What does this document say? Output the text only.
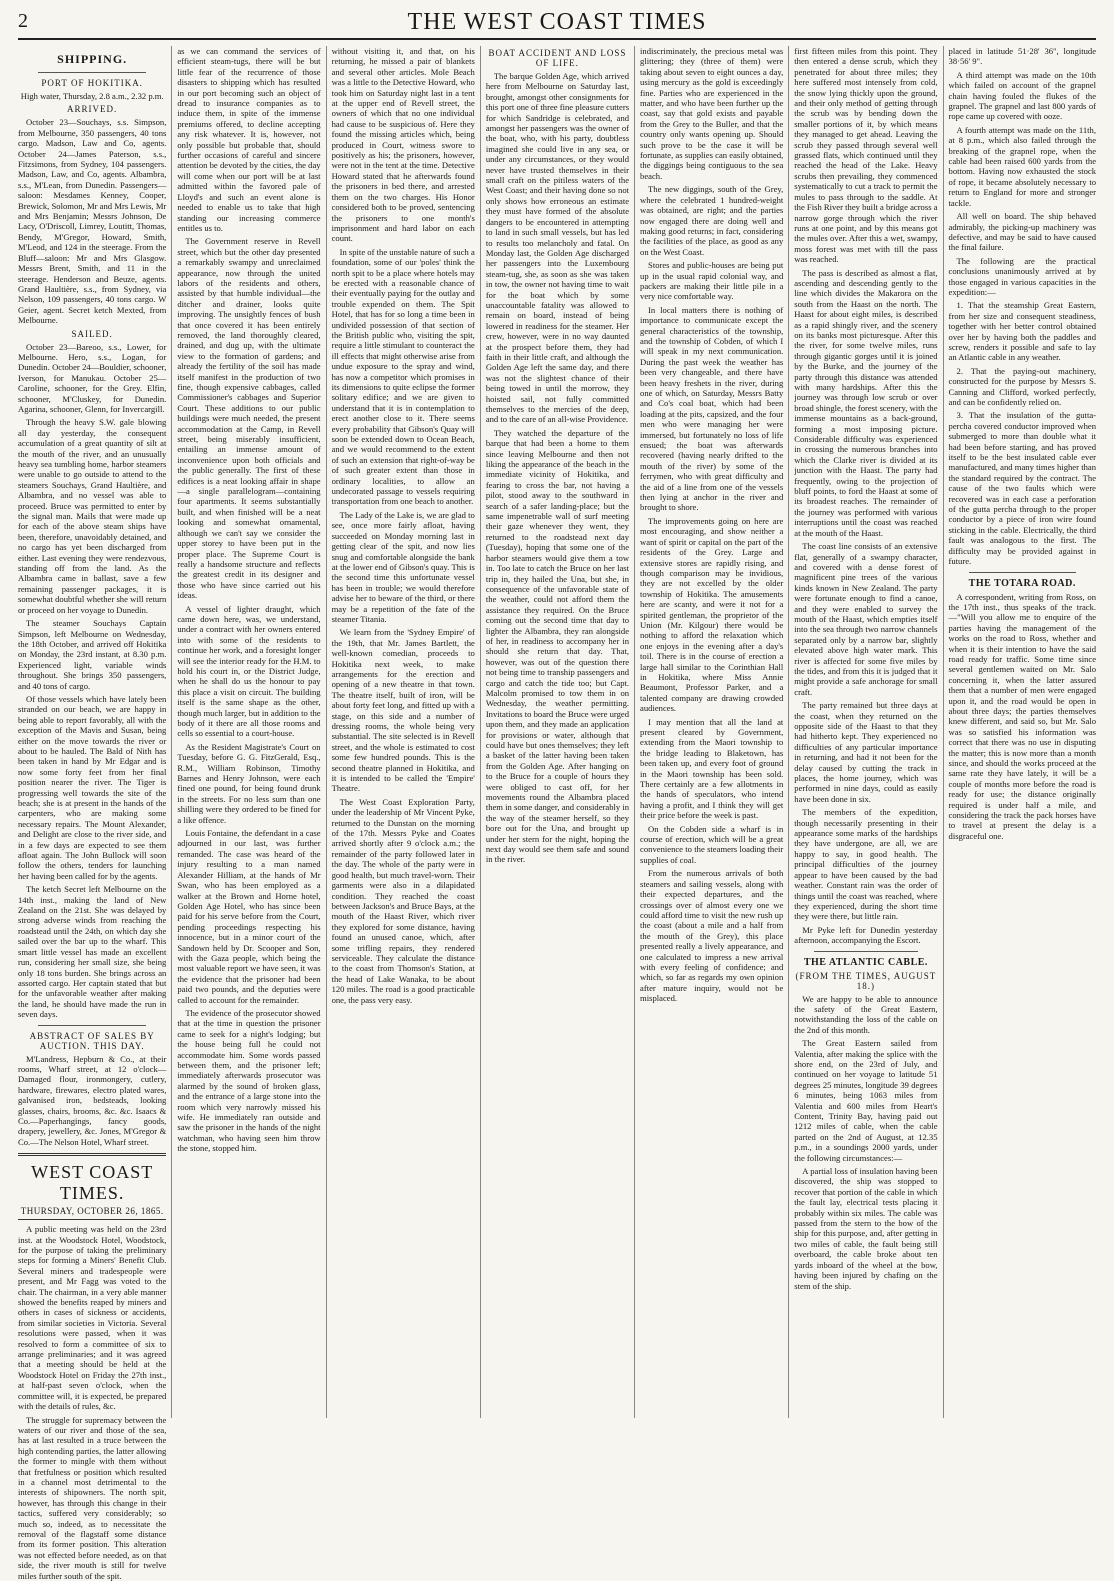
2	THE WEST COAST TIMES
SHIPPING.
PORT OF HOKITIKA.

High water, Thursday, 2.8 a.m., 2.32 p.m.

ARRIVED.

October 23—Souchays, s.s. Simpson, from Melbourne, 350 passengers, 40 tons cargo. Madson, Law and Co, agents. October 24—James Paterson, s.s., Fitzsimons, from Sydney, 104 passengers. Madson, Law, and Co, agents. Albambra, s.s., M'Lean, from Dunedin. Passengers—saloon: Mesdames Kenney, Cooper, Brewick, Solomon, Mr and Mrs Lewis, Mr and Mrs Benjamin; Messrs Johnson, De Lacy, O'Driscoll, Limrey, Loutitt, Thomas, Bendy, M'Gregor, Howard, Smith, M'Leod, and 124 in the steerage. From the Bluff—saloon: Mr and Mrs Glasgow. Messrs Brent, Smith, and 11 in the steerage. Henderson and Beuze, agents. Grand Haultière, s.s., from Sydney, via Nelson, 109 passengers, 40 tons cargo. W Geier, agent. Secret ketch Mexted, from Melbourne.

SAILED.

October 23—Bareoo, s.s., Lower, for Melbourne. Hero, s.s., Logan, for Dunedin. October 24—Bouldier, schooner, Iverson, for Manukau. October 25—Caroline, schooner, for the Grey. Elfin, schooner, M'Cluskey, for Dunedin. Agarina, schooner, Glenn, for Invercargill.

Through the heavy S.W. gale blowing all day yesterday, the consequent accumulation of a great quantity of silt at the mouth of the river, and an unusually heavy sea tumbling home, harbor steamers were unable to go outside to attend to the steamers Souchays, Grand Haultière, and Albambra, and no vessel was able to proceed. Bruce was permitted to enter by the signal man. Mails that were made up for each of the above steam ships have been, therefore, unavoidably detained, and no cargo has yet been discharged from either. Last evening they were rendezvous, standing off from the land. As the Albambra came in ballast, save a few remaining passenger packages, it is somewhat doubtful whether she will return or proceed on her voyage to Dunedin.

The steamer Souchays Captain Simpson, left Melbourne on Wednesday, the 18th October, and arrived off Hokitika on Monday, the 23rd instant, at 8.30 p.m. Experienced light, variable winds throughout. She brings 350 passengers, and 40 tons of cargo.

Of those vessels which have lately been stranded on our beach, we are happy in being able to report favorably, all with the exception of the Mavis and Susan, being either on the move towards the river or about to be hauled. The Bald of Nith has been taken in hand by Mr Edgar and is now some forty feet from her final position nearer the river. The Tiger is progressing well towards the site of the beach; she is at present in the hands of the carpenters, who are making some necessary repairs. The Mount Alexander, and Delight are close to the river side, and in a few days are expected to see them afloat again. The John Bullock will soon follow the others, tenders for launching her having been called for by the agents.

The ketch Secret left Melbourne on the 14th inst., making the land of New Zealand on the 21st. She was delayed by strong adverse winds from reaching the roadstead until the 24th, on which day she sailed over the bar up to the wharf. This smart little vessel has made an excellent run, considering her small size, she being only 18 tons burden. She brings across an assorted cargo. Her captain stated that but for the unfavorable weather after making the land, he should have made the run in seven days.

ABSTRACT OF SALES BY AUCTION. THIS DAY.

M'Landress, Hepburn & Co., at their rooms, Wharf street, at 12 o'clock—Damaged flour, ironmongery, cutlery, hardware, firewares, electro plated wares, galvanised iron, bedsteads, looking glasses, chairs, brooms, &c. &c. Isaacs & Co.—Paperhangings, fancy goods, drapery, jewellery, &c. Jones, M'Gregor & Co.—The Nelson Hotel, Wharf street.

WEST COAST TIMES.
THURSDAY, OCTOBER 26, 1865.

A public meeting was held on the 23rd inst. at the Woodstock Hotel, Woodstock, for the purpose of taking the preliminary steps for forming a Miners' Benefit Club. Several miners and tradespeople were present, and Mr Fagg was voted to the chair. The chairman, in a very able manner showed the benefits reaped by miners and others in cases of sickness or accidents, from similar societies in Victoria. Several resolutions were passed, when it was resolved to form a committee of six to arrange preliminaries; and it was agreed that a meeting should be held at the Woodstock Hotel on Friday the 27th inst., at half-past seven o'clock, when the committee will, it is expected, be prepared with the details of rules, &c.

The struggle for supremacy between the waters of our river and those of the sea, has at last resulted in a truce between the high contending parties, the latter allowing the former to mingle with them without that fretfulness or position which resulted in a channel most detrimental to the interests of shipowners. The north spit, however, has through this change in their tactics, suffered very considerably; so much so, indeed, as to necessitate the removal of the flagstaff some distance from its former position. This alteration was not effected before needed, as on that side, the river mouth is still for twelve miles further south of the spit.

as we can command the services of efficient steam-tugs, there will be but little fear of the recurrence of those disasters to shipping which has resulted in our port becoming such an object of dread to insurance companies as to induce them, in spite of the immense premiums offered, to decline accepting any risk whatever. It is, however, not only possible but probable that, should further occasions of careful and sincere attention be devoted by the cities, the day will come when our port will be at last admitted within the favored pale of Lloyd's and such an event alone is needed to enable us to take that high standing our increasing commerce entitles us to.

The Government reserve in Revell street, which but the other day presented a remarkably swampy and unreclaimed appearance, now through the united labors of the residents and others, assisted by that humble individual—the ditcher and drainer, looks quite improving. The unsightly fences of bush that once covered it has been entirely removed, the land thoroughly cleared, drained, and dug up, with the ultimate view to the formation of gardens; and already the fertility of the soil has made itself manifest in the production of two fine, though expensive cabbages, called Commissioner's cabbages and Superior Court. These additions to our public buildings were much needed, the present accommodation at the Camp, in Revell street, being miserably insufficient, entailing an immense amount of inconvenience upon both officials and the public generally. The first of these edifices is a neat looking affair in shape—a single parallelogram—containing four apartments. It seems substantially built, and when finished will be a neat looking and somewhat ornamental, although we can't say we consider the upper storey to have been put in the proper place. The Supreme Court is really a handsome structure and reflects the greatest credit in its designer and those who have since carried out his ideas.

A vessel of lighter draught, which came down here, was, we understand, under a contract with her owners entered into with some of the residents to continue her work, and a foresight longer will see the interior ready for the H.M. to hold his court in, or the District Judge, when he shall do us the honour to pay this place a visit on circuit. The building itself is the same shape as the other, though much larger, but in addition to the body of it there are all those rooms and cells so essential to a court-house.

As the Resident Magistrate's Court on Tuesday, before G. G. FitzGerald, Esq., R.M., William Robinson, Timothy Barnes and Henry Johnson, were each fined one pound, for being found drunk in the streets. For no less sum than one shilling were they ordered to be fined for a like offence.

Louis Fontaine, the defendant in a case adjourned in our last, was further remanded. The case was heard of the injury resulting to a man named Alexander Hilliam, at the hands of Mr Swan, who has been employed as a walker at the Brown and Horne hotel, Golden Age Hotel, who has since been paid for his serve before from the Court, pending proceedings respecting his innocence, but in a minor court of the Sandown held by Dr. Scooper and Son, with the Gaza people, which being the most valuable report we have seen, it was the evidence that the prisoner had been paid two pounds, and the deputies were called to account for the remainder.

The evidence of the prosecutor showed that at the time in question the prisoner came to seek for a night's lodging; but the house being full he could not accommodate him. Some words passed between them, and the prisoner left; immediately afterwards prosecutor was alarmed by the sound of broken glass, and the entrance of a large stone into the room which very narrowly missed his wife. He immediately ran outside and saw the prisoner in the hands of the night watchman, who having seen him throw the stone, stopped him.

without visiting it, and that, on his returning, he missed a pair of blankets and several other articles. Mole Beach was a little to the Detective Howard, who took him on Saturday night last in a tent at the upper end of Revell street, the owners of which that no one individual had cause to be suspicious of. Here they found the missing articles which, being produced in Court, witness swore to positively as his; the prisoners, however, were not in the tent at the time. Detective Howard stated that he afterwards found the prisoners in bed there, and arrested them on the two charges. His Honor considered both to be proved, sentencing the prisoners to one month's imprisonment and hard labor on each count.

In spite of the unstable nature of such a foundation, some of our 'poles' think the north spit to be a place where hotels may be erected with a reasonable chance of their eventually paying for the outlay and trouble expended on them. The Spit Hotel, that has for so long a time been in undivided possession of that section of the British public who, visiting the spit, require a little stimulant to counteract the ill effects that might otherwise arise from undue exposure to the spray and wind, has now a competitor which promises in its dimensions to quite eclipse the former solitary edifice; and we are given to understand that it is in contemplation to erect another close to it. There seems every probability that Gibson's Quay will soon be extended down to Ocean Beach, and we would recommend to the extent of such an extension that right-of-way be of such greater extent than those in ordinary localities, to allow an undecorated passage to vessels requiring transportation from one beach to another.

The Lady of the Lake is, we are glad to see, once more fairly afloat, having succeeded on Monday morning last in getting clear of the spit, and now lies snug and comfortable alongside the bank at the lower end of Gibson's quay. This is the second time this unfortunate vessel has been in trouble; we would therefore advise her to beware of the third, or there may be a repetition of the fate of the steamer Titania.

We learn from the 'Sydney Empire' of the 19th, that Mr. James Bartlett, the well-known comedian, proceeds to Hokitika next week, to make arrangements for the erection and opening of a new theatre in that town. The theatre itself, built of iron, will be about forty feet long, and fitted up with a stage, on this side and a number of dressing rooms, the whole being very substantial. The site selected is in Revell street, and the whole is estimated to cost some few hundred pounds. This is the second theatre planned in Hokitika, and it is intended to be called the 'Empire' Theatre.

The West Coast Exploration Party, under the leadership of Mr Vincent Pyke, returned to the Dunstan on the morning of the 17th. Messrs Pyke and Coates arrived shortly after 9 o'clock a.m.; the remainder of the party followed later in the day. The whole of the party were in good health, but much travel-worn. Their garments were also in a dilapidated condition. They reached the coast between Jackson's and Bruce Bays, at the mouth of the Haast River, which river they explored for some distance, having found an unused canoe, which, after some trifling repairs, they rendered serviceable. They calculate the distance to the coast from Thomson's Station, at the head of Lake Wanaka, to be about 120 miles. The road is a good practicable one, the pass very easy.

BOAT ACCIDENT AND LOSS OF LIFE.

The barque Golden Age, which arrived here from Melbourne on Saturday last, brought, amongst other consignments for this port one of three fine pleasure cutters for which Sandridge is celebrated, and amongst her passengers was the owner of the boat, who, with his party, doubtless imagined she could live in any sea, or under any circumstances, or they would never have trusted themselves in their small craft on the pitiless waters of the West Coast; and their having done so not only shows how erroneous an estimate they must have formed of the absolute dangers to be encountered in attempting to land in such small vessels, but has led to results too melancholy and fatal. On Monday last, the Golden Age discharged her passengers into the Luxembourg steam-tug, she, as soon as she was taken in tow, the owner not having time to wait for the boat which by some unaccountable fatality was allowed to remain on board, instead of being lowered in readiness for the steamer. Her crew, however, were in no way daunted at the prospect before them, they had faith in their little craft, and although the Golden Age left the same day, and there was not the slightest chance of their being towed in until the morrow, they hoisted sail, not fully committed themselves to the mercies of the deep, and to the care of an all-wise Providence.

They watched the departure of the barque that had been a home to them since leaving Melbourne and then not liking the appearance of the beach in the immediate vicinity of Hokitika, and fearing to cross the bar, not having a pilot, stood away to the southward in search of a safer landing-place; but the same impenetrable wall of surf meeting their gaze whenever they went, they returned to the roadstead next day (Tuesday), hoping that some one of the harbor steamers would give them a tow in. Too late to catch the Bruce on her last trip in, they hailed the Una, but she, in consequence of the unfavorable state of the weather, could not afford them the assistance they required. On the Bruce coming out the second time that day to lighter the Albambra, they ran alongside of her, in readiness to accompany her in should she return that day. That, however, was out of the question there not being time to tranship passengers and cargo and catch the tide too; but Capt. Malcolm promised to tow them in on Wednesday, the weather permitting. Invitations to board the Bruce were urged upon them, and they made an application for provisions or water, although that could have but ones themselves; they left a basket of the latter having been taken from the Golden Age. After hanging on to the Bruce for a couple of hours they were obliged to cast off, for her movements round the Albambra placed them in some danger, and considerably in the way of the steamer herself, so they bore out for the Una, and brought up under her stern for the night, hoping the next day would see them safe and sound in the river.

indiscriminately, the precious metal was glittering; they (three of them) were taking about seven to eight ounces a day, using mercury as the gold is exceedingly fine. Parties who are experienced in the matter, and who have been further up the coast, say that gold exists and payable from the Grey to the Buller, and that the country only wants opening up. Should such prove to be the case it will be fortunate, as supplies can easily obtained, the diggings being contiguous to the sea beach.

The new diggings, south of the Grey, where the celebrated 1 hundred-weight was obtained, are right; and the parties now engaged there are doing well and making good returns; in fact, considering the facilities of the place, as good as any on the West Coast.

Stores and public-houses are being put up in the usual rapid colonial way, and packers are making their little pile in a very nice comfortable way.

In local matters there is nothing of importance to communicate except the general characteristics of the township, and the township of Cobden, of which I will speak in my next communication. During the past week the weather has been very changeable, and there have been heavy freshets in the river, during one of which, on Saturday, Messrs Batty and Co's coal boat, which had been loading at the pits, capsized, and the four men who were managing her were immersed, but fortunately no loss of life ensued; the boat was afterwards recovered (having nearly drifted to the mouth of the river) by some of the ferrymen, who with great difficulty and the aid of a line from one of the vessels then lying at anchor in the river and brought to shore.

The improvements going on here are most encouraging, and show neither a want of spirit or capital on the part of the residents of the Grey. Large and extensive stores are rapidly rising, and though comparison may be invidious, they are not excelled by the older township of Hokitika. The amusements here are scanty, and were it not for a spirited gentleman, the proprietor of the Union (Mr. Kilgour) there would be nothing to afford the relaxation which one enjoys in the evening after a day's toil. There is in the course of erection a large hall similar to the Corinthian Hall in Hokitika, where Miss Annie Beaumont, Professor Parker, and a talented company are drawing crowded audiences.

I may mention that all the land at present cleared by Government, extending from the Maori township to the bridge leading to Blaketown, has been taken up, and every foot of ground in the Maori township has been sold. There certainly are a few allotments in the hands of speculators, who intend having a profit, and I think they will get their price before the week is past.

On the Cobden side a wharf is in course of erection, which will be a great convenience to the steamers loading their supplies of coal.

From the numerous arrivals of both steamers and sailing vessels, along with their expected departures, and the crossings over of almost every one we could afford time to visit the new rush up the coast (about a mile and a half from the mouth of the Grey), this place presented really a lively appearance, and one calculated to impress a new arrival with every feeling of confidence; and which, so far as regards my own opinion after mature inquiry, would not be misplaced.

first fifteen miles from this point. They then entered a dense scrub, which they penetrated for about three miles; they here suffered most intensely from cold, the snow lying thickly upon the ground, and their only method of getting through the scrub was by bending down the smaller portions of it, by which means they managed to get ahead. Leaving the scrub they passed through several well grassed flats, which continued until they reached the head of the Lake. Heavy scrubs then prevailing, they commenced systematically to cut a track to permit the mules to pass through to the saddle. At the Fish River they built a bridge across a narrow gorge through which the river runs at one point, and by this means got the mules over. After this a wet, swampy, moss forest was met with till the pass was reached.

The pass is described as almost a flat, ascending and descending gently to the line which divides the Makarora on the south from the Haast on the north. The Haast for about eight miles, is described as a rapid shingly river, and the scenery on its banks most picturesque. After this the river, for some twelve miles, runs through gigantic gorges until it is joined by the Burke, and the journey of the party through this distance was attended with many hardships. After this the journey was through low scrub or over broad shingle, the forest scenery, with the immense mountains as a back-ground, forming a most imposing picture. Considerable difficulty was experienced in crossing the numerous branches into which the Clarke river is divided at its junction with the Haast. The party had frequently, owing to the projection of bluff points, to ford the Haast at some of its broadest reaches. The remainder of the journey was performed with various interruptions until the coast was reached at the mouth of the Haast.

The coast line consists of an extensive flat, generally of a swampy character, and covered with a dense forest of magnificent pine trees of the various kinds known in New Zealand. The party were fortunate enough to find a canoe, and they were enabled to survey the mouth of the Haast, which empties itself into the sea through two narrow channels separated only by a narrow bar, slightly elevated above high water mark. This river is affected for some five miles by the tides, and from this it is judged that it might provide a safe anchorage for small craft.

The party remained but three days at the coast, when they returned on the opposite side of the Haast to that they had hitherto kept. They experienced no difficulties of any particular importance in returning, and had it not been for the delay caused by cutting the track in places, the home journey, which was performed in nine days, could as easily have been done in six.

The members of the expedition, though necessarily presenting in their appearance some marks of the hardships they have undergone, are all, we are happy to say, in good health. The principal difficulties of the journey appear to have been caused by the bad weather. Constant rain was the order of things until the coast was reached, where they experienced, during the short time they were there, but little rain.

Mr Pyke left for Dunedin yesterday afternoon, accompanying the Escort.

THE ATLANTIC CABLE.
(FROM THE TIMES, AUGUST 18.)

We are happy to be able to announce the safety of the Great Eastern, notwithstanding the loss of the cable on the 2nd of this month.

The Great Eastern sailed from Valentia, after making the splice with the shore end, on the 23rd of July, and continued on her voyage to latitude 51 degrees 25 minutes, longitude 39 degrees 6 minutes, being 1063 miles from Valentia and 600 miles from Heart's Content, Trinity Bay, having paid out 1212 miles of cable, when the cable parted on the 2nd of August, at 12.35 p.m., in a soundings 2000 yards, under the following circumstances:—

A partial loss of insulation having been discovered, the ship was stopped to recover that portion of the cable in which the fault lay, electrical tests placing it probably within six miles. The cable was passed from the stern to the bow of the ship for this purpose, and, after getting in two miles of cable, the fault being still overboard, the cable broke about ten yards inboard of the wheel at the bow, having been injured by chafing on the stem of the ship.

placed in latitude 51·28' 36", longitude 38·56' 9".

A third attempt was made on the 10th which failed on account of the grapnel chain having fouled the flukes of the grapnel. The grapnel and last 800 yards of rope came up covered with ooze.

A fourth attempt was made on the 11th, at 8 p.m., which also failed through the breaking of the grapnel rope, when the cable had been raised 600 yards from the bottom. Having now exhausted the stock of rope, it became absolutely necessary to return to England for more and stronger tackle.

All well on board. The ship behaved admirably, the picking-up machinery was defective, and may be said to have caused the final failure.

The following are the practical conclusions unanimously arrived at by those engaged in various capacities in the expedition:—

1. That the steamship Great Eastern, from her size and consequent steadiness, together with her better control obtained over her by having both the paddles and screw, renders it possible and safe to lay an Atlantic cable in any weather.

2. That the paying-out machinery, constructed for the purpose by Messrs S. Canning and Clifford, worked perfectly, and can be confidently relied on.

3. That the insulation of the gutta-percha covered conductor improved when submerged to more than double what it had been before starting, and has proved itself to be the best insulated cable ever manufactured, and many times higher than the standard required by the contract. The cause of the two faults which were recovered was in each case a perforation of the gutta percha through to the proper conductor by a piece of iron wire found sticking in the cable. Electrically, the third fault was analogous to the first. The difficulty may be provided against in future.

THE TOTARA ROAD.

A correspondent, writing from Ross, on the 17th inst., thus speaks of the track.—"Will you allow me to enquire of the parties having the management of the works on the road to Ross, whether and when it is their intention to have the said road ready for traffic. Some time since several gentlemen waited on Mr. Salo concerning it, when the latter assured them that a number of men were engaged upon it, and the road would be open in about three days; the parties themselves knew different, and said so, but Mr. Salo was so satisfied his information was correct that there was no use in disputing the matter; this is now more than a month since, and should the works proceed at the same rate they have lately, it will be a couple of months more before the road is ready for use; the distance originally required is under half a mile, and considering the track the pack horses have to travel at present the delay is a disgraceful one.
